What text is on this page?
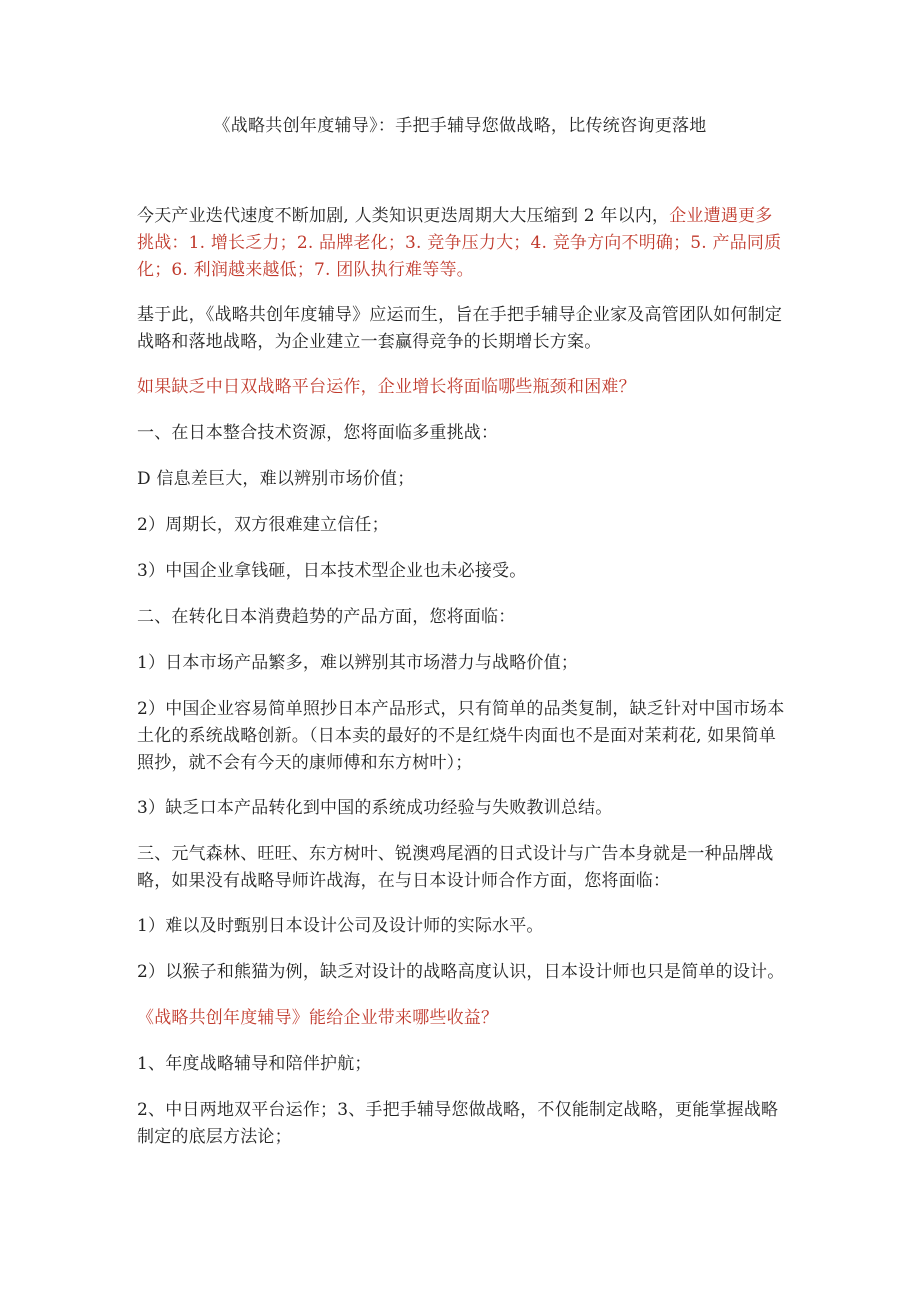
《战略共创年度辅导》：手把手辅导您做战略，比传统咨询更落地

今天产业迭代速度不断加剧, 人类知识更迭周期大大压缩到 2 年以内，企业遭遇更多挑战：1. 增长乏力；2. 品牌老化；3. 竞争压力大；4. 竞争方向不明确；5. 产品同质化；6. 利润越来越低；7. 团队执行难等等。

基于此，《战略共创年度辅导》应运而生，旨在手把手辅导企业家及高管团队如何制定战略和落地战略，为企业建立一套赢得竞争的长期增长方案。

如果缺乏中日双战略平台运作，企业增长将面临哪些瓶颈和困难？

一、在日本整合技术资源，您将面临多重挑战：

D 信息差巨大，难以辨别市场价值；

2）周期长，双方很难建立信任；

3）中国企业拿钱砸，日本技术型企业也未必接受。

二、在转化日本消费趋势的产品方面，您将面临：

1）日本市场产品繁多，难以辨别其市场潜力与战略价值；

2）中国企业容易简单照抄日本产品形式，只有简单的品类复制，缺乏针对中国市场本土化的系统战略创新。（日本卖的最好的不是红烧牛肉面也不是面对茉莉花, 如果简单照抄，就不会有今天的康师傅和东方树叶）；

3）缺乏口本产品转化到中国的系统成功经验与失败教训总结。

三、元气森林、旺旺、东方树叶、锐澳鸡尾酒的日式设计与广告本身就是一种品牌战略，如果没有战略导师许战海，在与日本设计师合作方面，您将面临：

1）难以及时甄别日本设计公司及设计师的实际水平。

2）以猴子和熊猫为例，缺乏对设计的战略高度认识，日本设计师也只是简单的设计。

《战略共创年度辅导》能给企业带来哪些收益？

1、年度战略辅导和陪伴护航；

2、中日两地双平台运作；3、手把手辅导您做战略，不仅能制定战略，更能掌握战略制定的底层方法论；
